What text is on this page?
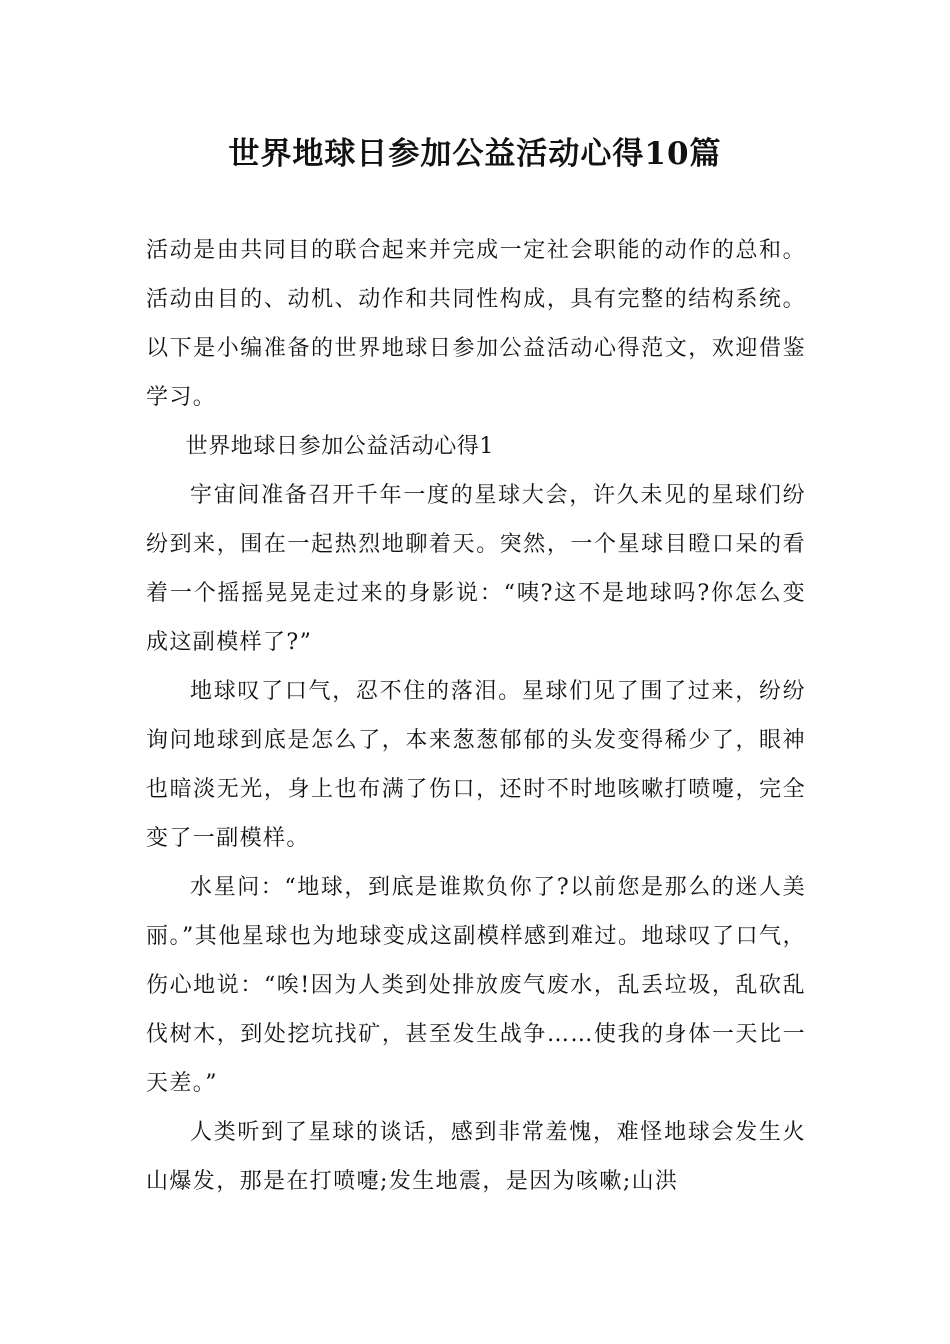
世界地球日参加公益活动心得10篇

活动是由共同目的联合起来并完成一定社会职能的动作的总和。活动由目的、动机、动作和共同性构成，具有完整的结构系统。以下是小编准备的世界地球日参加公益活动心得范文，欢迎借鉴学习。

世界地球日参加公益活动心得1

宇宙间准备召开千年一度的星球大会，许久未见的星球们纷纷到来，围在一起热烈地聊着天。突然，一个星球目瞪口呆的看着一个摇摇晃晃走过来的身影说：“咦?这不是地球吗?你怎么变成这副模样了?”

地球叹了口气，忍不住的落泪。星球们见了围了过来，纷纷询问地球到底是怎么了，本来葱葱郁郁的头发变得稀少了，眼神也暗淡无光，身上也布满了伤口，还时不时地咳嗽打喷嚏，完全变了一副模样。

水星问：“地球，到底是谁欺负你了?以前您是那么的迷人美丽。”其他星球也为地球变成这副模样感到难过。地球叹了口气，伤心地说：“唉!因为人类到处排放废气废水，乱丢垃圾，乱砍乱伐树木，到处挖坑找矿，甚至发生战争……使我的身体一天比一天差。”

人类听到了星球的谈话，感到非常羞愧，难怪地球会发生火山爆发，那是在打喷嚏;发生地震，是因为咳嗽;山洪
